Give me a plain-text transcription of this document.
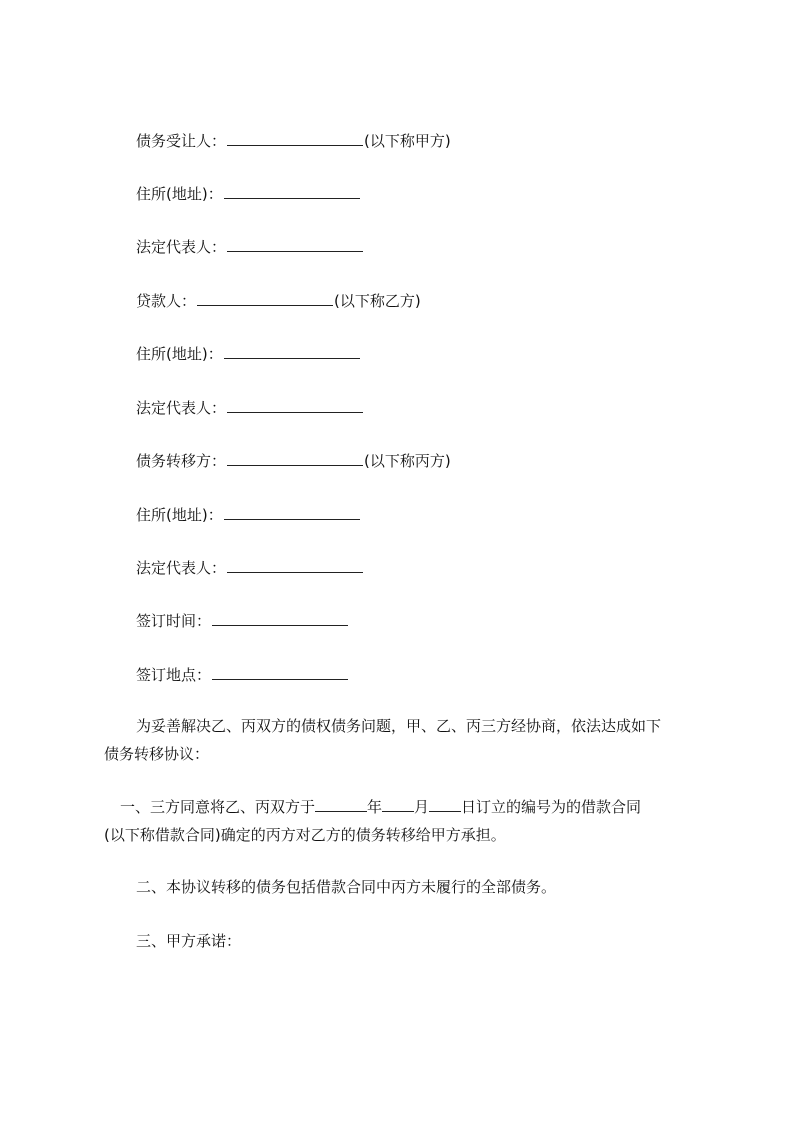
债务受让人：	(以下称甲方)
住所(地址)：
法定代表人：
贷款人：	(以下称乙方)
住所(地址)：
法定代表人：
债务转移方：	(以下称丙方)
住所(地址)：
法定代表人：
签订时间：
签订地点：
为妥善解决乙、丙双方的债权债务问题，甲、乙、丙三方经协商，依法达成如下
债务转移协议：
一、三方同意将乙、丙双方于	年 月 日订立的编号为的借款合同
(以下称借款合同)确定的丙方对乙方的债务转移给甲方承担。
二、本协议转移的债务包括借款合同中丙方未履行的全部债务。
三、甲方承诺：
